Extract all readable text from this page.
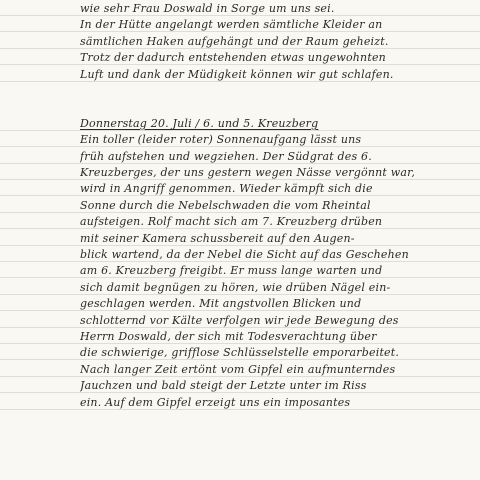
wie sehr Frau Doswald in Sorge um uns sei.
In der Hütte angelangt werden sämtliche Kleider an
sämtlichen Haken aufgehängt und der Raum geheizt.
Trotz der dadurch entstehenden etwas ungewohnten
Luft und dank der Müdigkeit können wir gut schlafen.
Donnerstag 20. Juli / 6. und 5. Kreuzberg
Ein toller (leider roter) Sonnenaufgang lässt uns
früh aufstehen und wegziehen. Der Südgrat des 6.
Kreuzberges, der uns gestern wegen Nässe vergönnt war,
wird in Angriff genommen. Wieder kämpft sich die
Sonne durch die Nebelschwaden die vom Rheintal
aufsteigen. Rolf macht sich am 7. Kreuzberg drüben
mit seiner Kamera schussbereit auf den Augen-
blick wartend, da der Nebel die Sicht auf das Geschehen
am 6. Kreuzberg freigibt. Er muss lange warten und
sich damit begnügen zu hören, wie drüben Nägel ein-
geschlagen werden. Mit angstvollen Blicken und
schlotternd vor Kälte verfolgen wir jede Bewegung des
Herrn Doswald, der sich mit Todesverachtung über
die schwierige, grifflose Schlüsselstelle emporarbeitet.
Nach langer Zeit ertönt vom Gipfel ein aufmunterndes
Jauchzen und bald steigt der Letzte unter im Riss
ein. Auf dem Gipfel erzeigt uns ein imposantes
